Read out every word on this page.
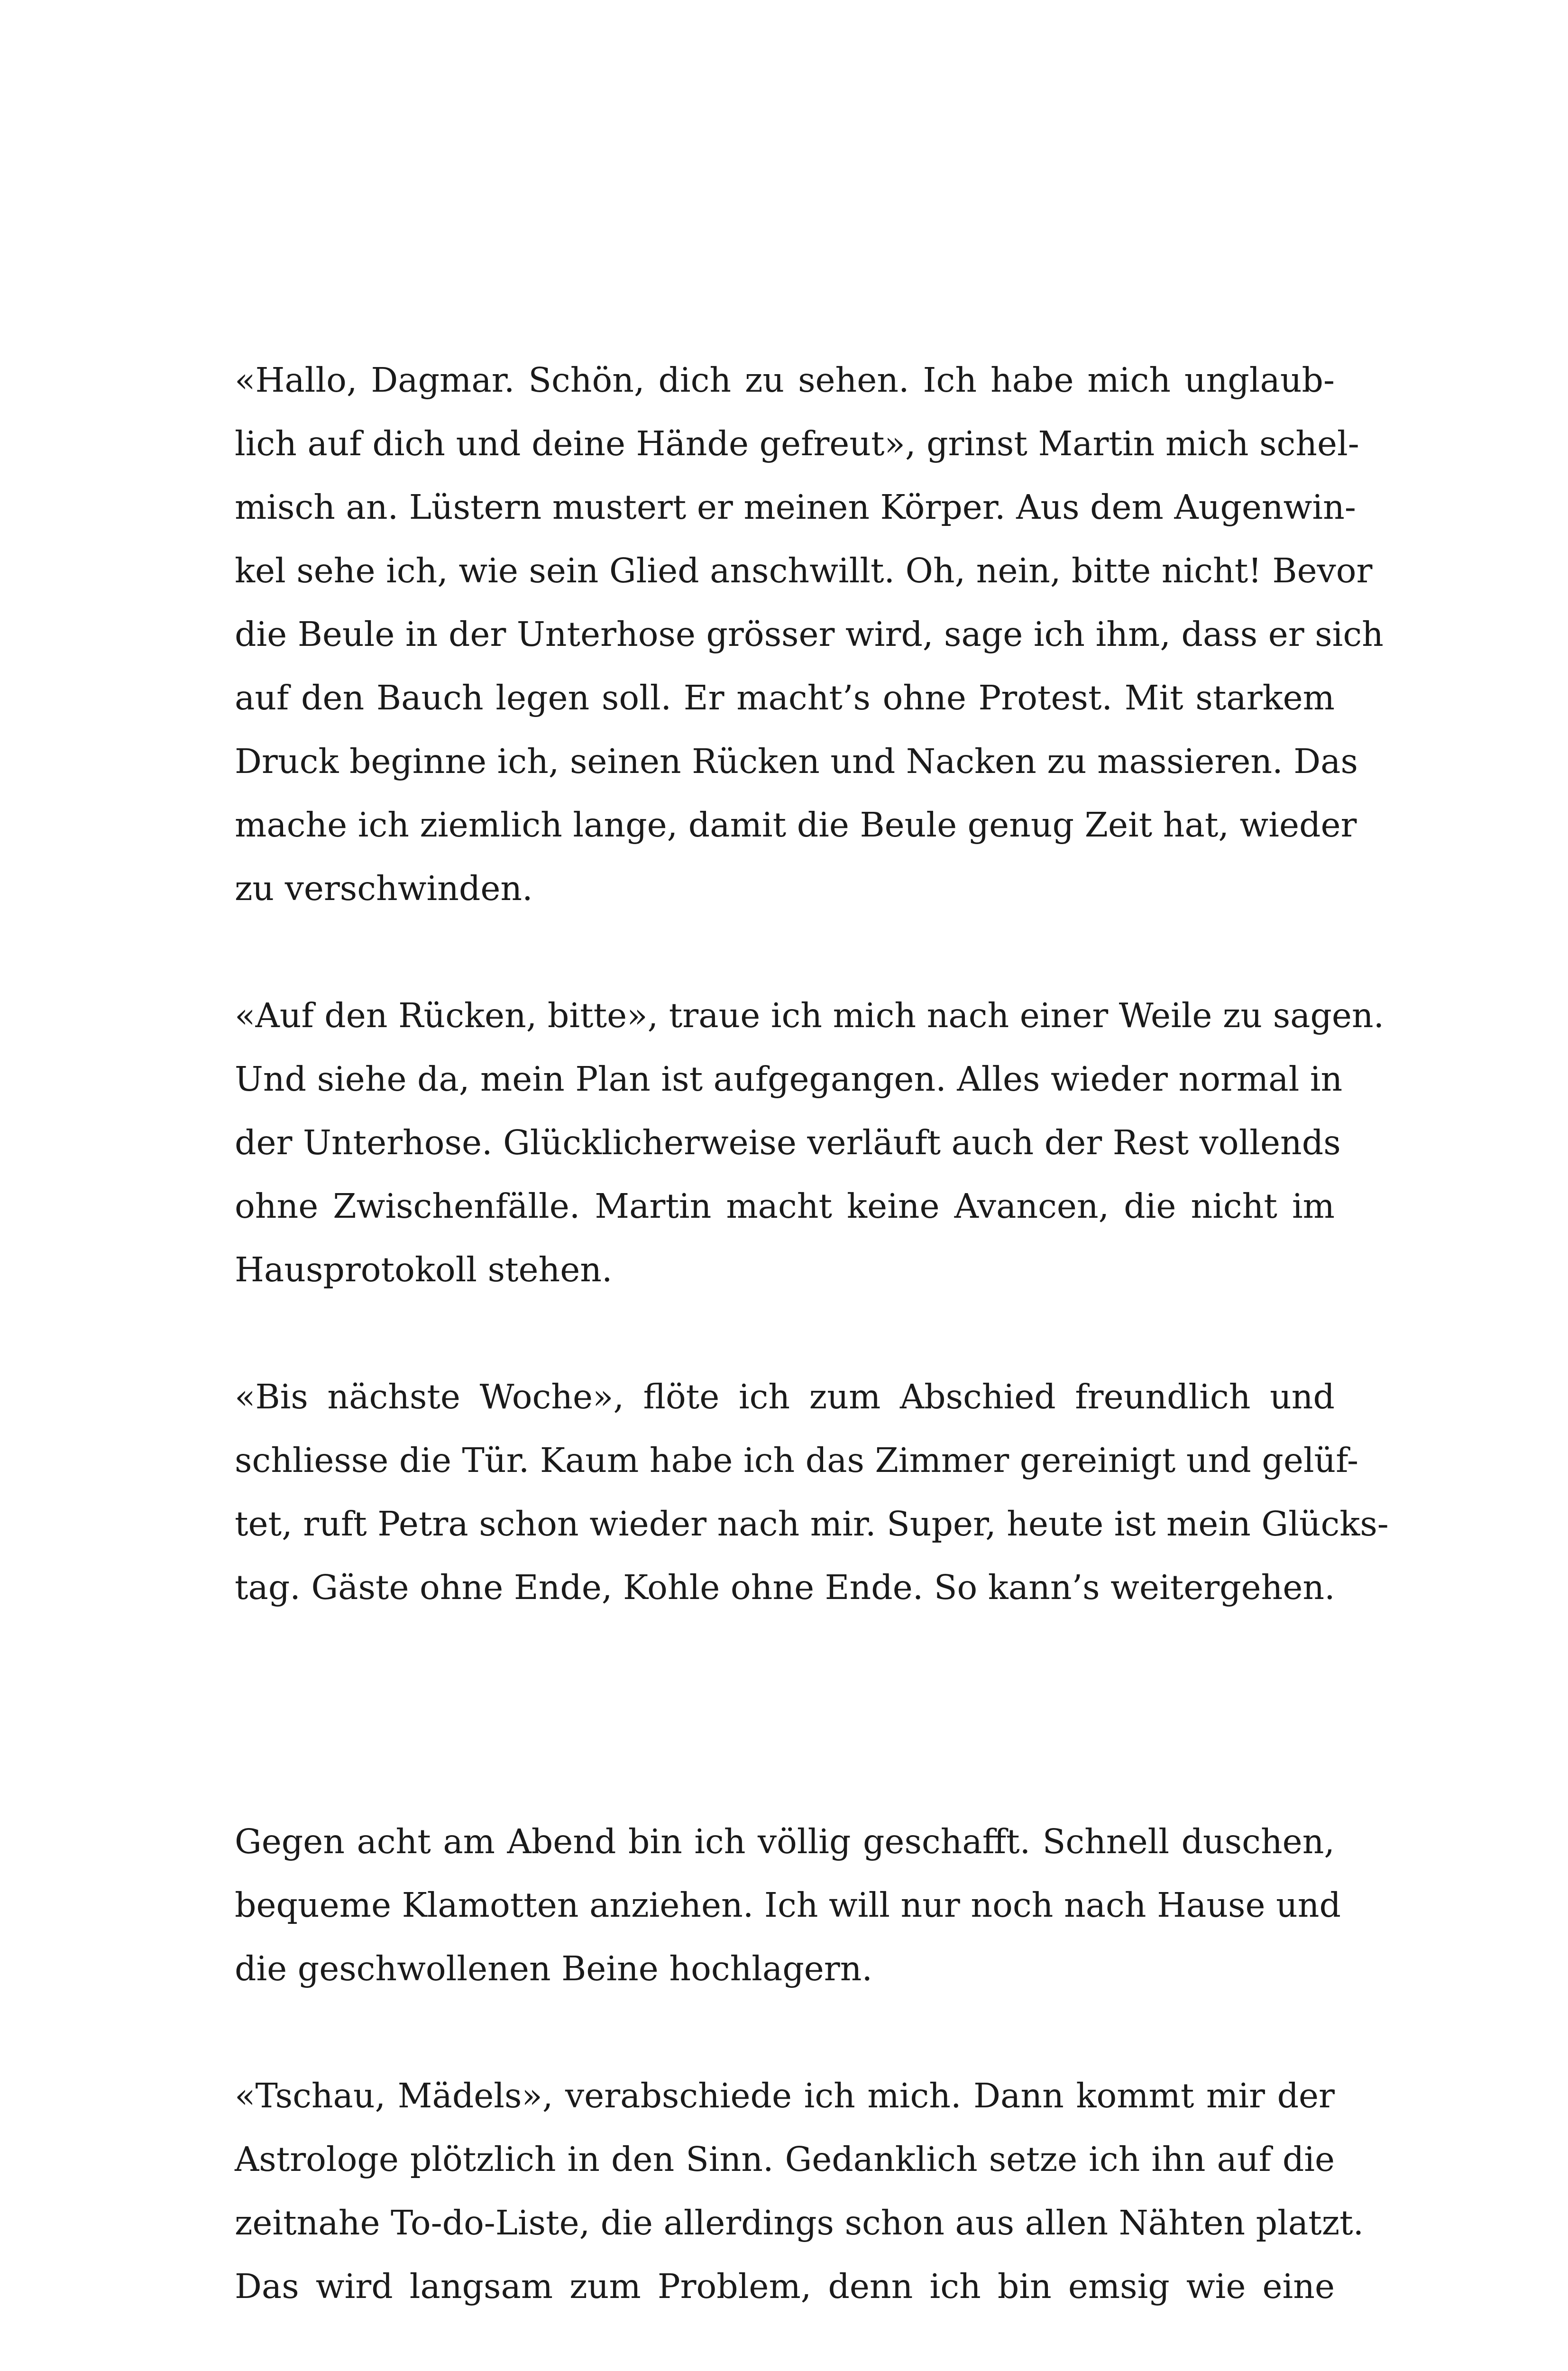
«Hallo, Dagmar. Schön, dich zu sehen. Ich habe mich unglaub-
lich auf dich und deine Hände gefreut», grinst Martin mich schel-
misch an. Lüstern mustert er meinen Körper. Aus dem Augenwin-
kel sehe ich, wie sein Glied anschwillt. Oh, nein, bitte nicht! Bevor
die Beule in der Unterhose grösser wird, sage ich ihm, dass er sich
auf den Bauch legen soll. Er macht’s ohne Protest. Mit starkem
Druck beginne ich, seinen Rücken und Nacken zu massieren. Das
mache ich ziemlich lange, damit die Beule genug Zeit hat, wieder
zu verschwinden.
«Auf den Rücken, bitte», traue ich mich nach einer Weile zu sagen.
Und siehe da, mein Plan ist aufgegangen. Alles wieder normal in
der Unterhose. Glücklicherweise verläuft auch der Rest vollends
ohne Zwischenfälle. Martin macht keine Avancen, die nicht im
Hausprotokoll stehen.
«Bis nächste Woche», flöte ich zum Abschied freundlich und
schliesse die Tür. Kaum habe ich das Zimmer gereinigt und gelüf-
tet, ruft Petra schon wieder nach mir. Super, heute ist mein Glücks-
tag. Gäste ohne Ende, Kohle ohne Ende. So kann’s weitergehen.
Gegen acht am Abend bin ich völlig geschafft. Schnell duschen,
bequeme Klamotten anziehen. Ich will nur noch nach Hause und
die geschwollenen Beine hochlagern.
«Tschau, Mädels», verabschiede ich mich. Dann kommt mir der
Astrologe plötzlich in den Sinn. Gedanklich setze ich ihn auf die
zeitnahe To-do-Liste, die allerdings schon aus allen Nähten platzt.
Das wird langsam zum Problem, denn ich bin emsig wie eine
